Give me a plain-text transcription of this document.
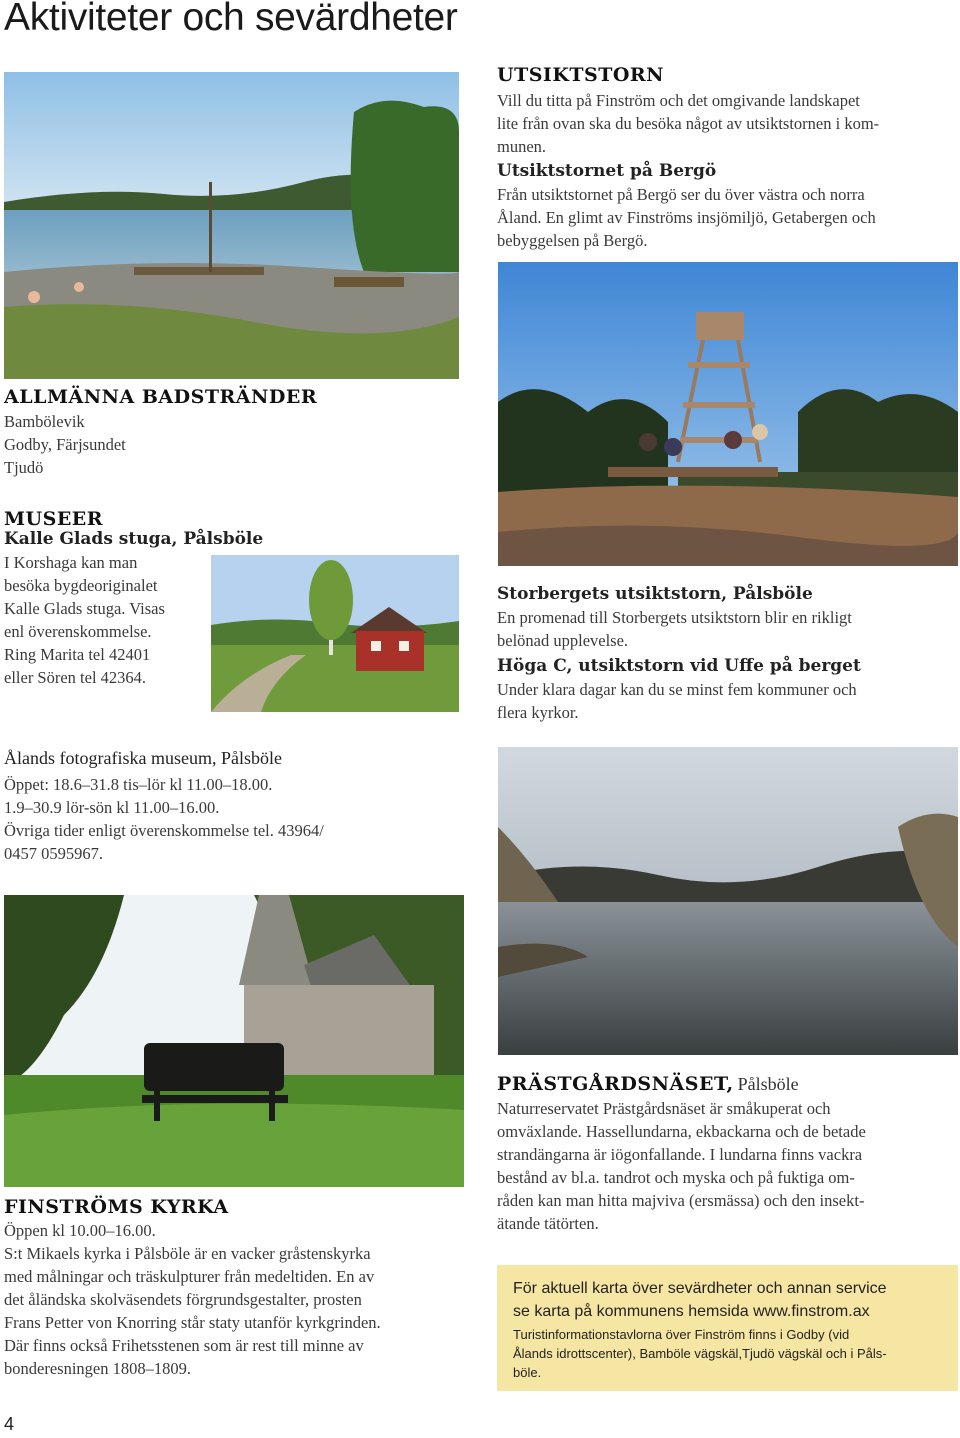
Aktiviteter och sevärdheter
ALLMÄNNA BADSTRÄNDER

Bambölevik

Godby, Färjsundet

Tjudö

MUSEER
Kalle Glads stuga, Pålsböle

I Korshaga kan man

besöka bygdeoriginalet

Kalle Glads stuga. Visas

enl överenskommelse.

Ring Marita tel 42401

eller Sören tel 42364.

Ålands fotografiska museum, Pålsböle

Öppet: 18.6–31.8 tis–lör kl 11.00–18.00.

1.9–30.9 lör-sön kl 11.00–16.00.

Övriga tider enligt överenskommelse tel. 43964/

0457 0595967.

UTSIKTSTORN

Vill du titta på Finström och det omgivande landskapet

lite från ovan ska du besöka något av utsiktstornen i kom-

munen.

Utsiktstornet på Bergö

Från utsiktstornet på Bergö ser du över västra och norra

Åland. En glimt av Finströms insjömiljö, Getabergen och

bebyggelsen på Bergö.

Storbergets utsiktstorn, Pålsböle

En promenad till Storbergets utsiktstorn blir en rikligt

belönad upplevelse.

Höga C, utsiktstorn vid Uffe på berget

Under klara dagar kan du se minst fem kommuner och

flera kyrkor.

FINSTRÖMS KYRKA

Öppen kl 10.00–16.00.

S:t Mikaels kyrka i Pålsböle är en vacker gråstenskyrka

med målningar och träskulpturer från medeltiden. En av

det åländska skolväsendets förgrundsgestalter, prosten

Frans Petter von Knorring står staty utanför kyrkgrinden.

Där finns också Frihetsstenen som är rest till minne av

bonderesningen 1808–1809.

PRÄSTGÅRDSNÄSET, Pålsböle

Naturreservatet Prästgårdsnäset är småkuperat och

omväxlande. Hassellundarna, ekbackarna och de betade

strandängarna är iögonfallande. I lundarna finns vackra

bestånd av bl.a. tandrot och myska och på fuktiga om-

råden kan man hitta majviva (ersmässa) och den insekt-

ätande tätörten.

För aktuell karta över sevärdheter och annan service
se karta på kommunens hemsida www.finstrom.ax
Turistinformationstavlorna över Finström finns i Godby (vid
Ålands idrottscenter), Bamböle vägskäl,Tjudö vägskäl och i Påls-
böle.
4
